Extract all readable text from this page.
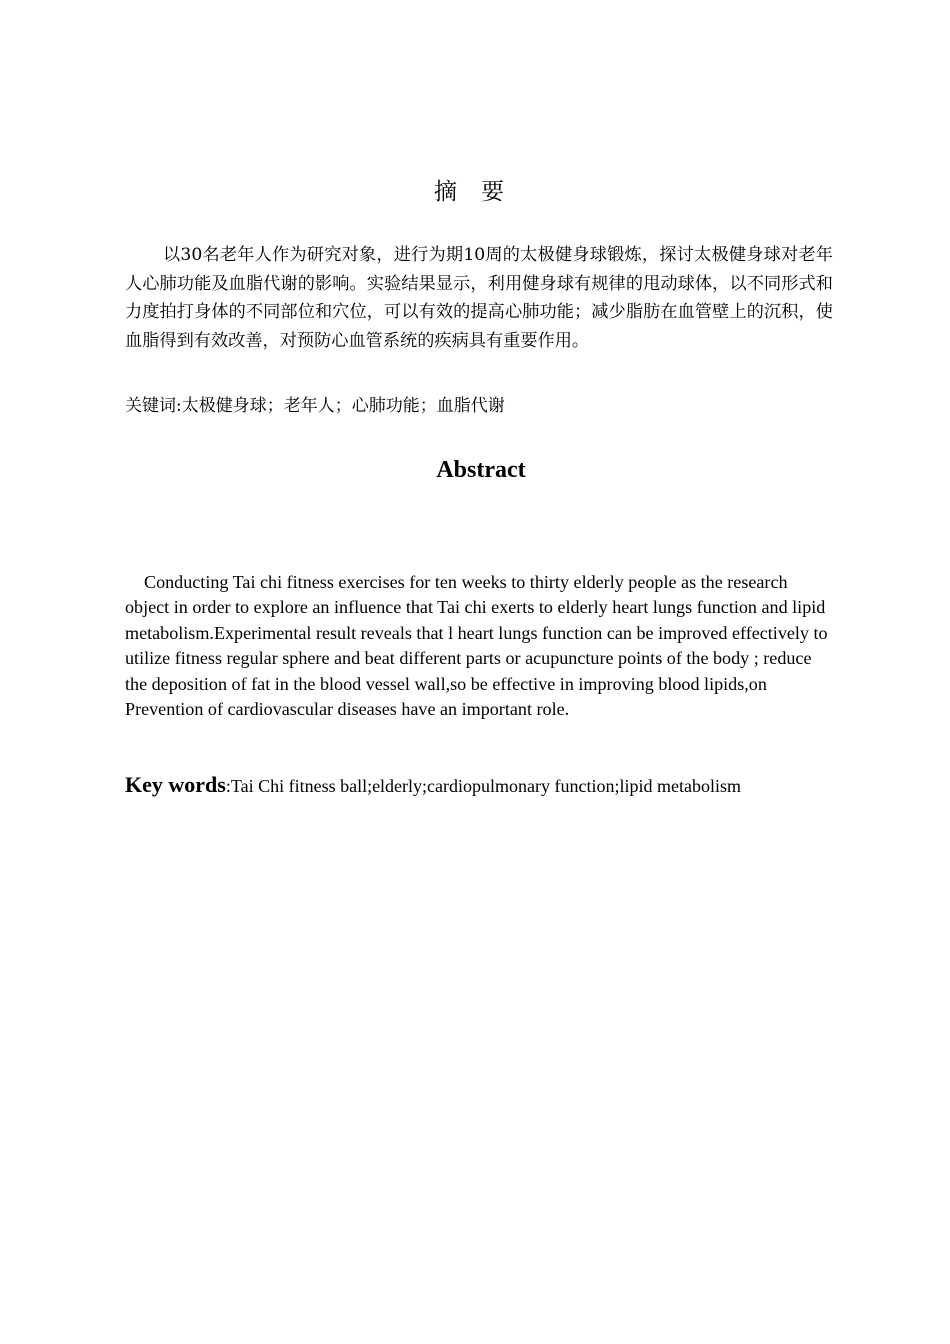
摘要

以30名老年人作为研究对象，进行为期10周的太极健身球锻炼，探讨太极健身球对老年人心肺功能及血脂代谢的影响。实验结果显示，利用健身球有规律的甩动球体，以不同形式和力度拍打身体的不同部位和穴位，可以有效的提高心肺功能；减少脂肪在血管壁上的沉积，使血脂得到有效改善，对预防心血管系统的疾病具有重要作用。

关键词:太极健身球；老年人；心肺功能；血脂代谢

Abstract

Conducting Tai chi fitness exercises for ten weeks to thirty elderly people as the research object in order to explore an influence that Tai chi exerts to elderly heart lungs function and lipid metabolism.Experimental result reveals that l heart lungs function can be improved effectively to utilize fitness regular sphere and beat different parts or acupuncture points of the body ; reduce the deposition of fat in the blood vessel wall,so be effective in improving blood lipids,on Prevention of cardiovascular diseases have an important role.

Key words:Tai Chi fitness ball;elderly;cardiopulmonary function;lipid metabolism
